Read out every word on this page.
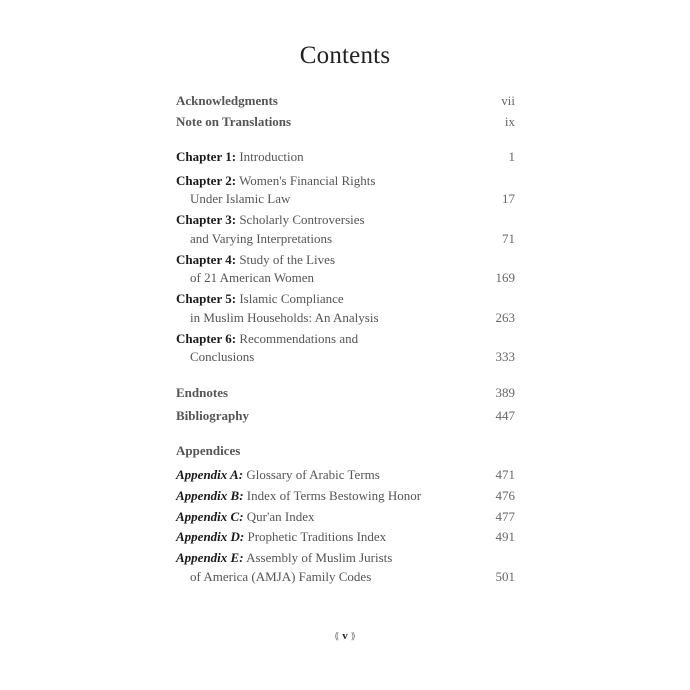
Contents
Acknowledgments	vii
Note on Translations	ix
Chapter 1: Introduction	1
Chapter 2: Women's Financial Rights
Under Islamic Law	17
Chapter 3: Scholarly Controversies
and Varying Interpretations	71
Chapter 4: Study of the Lives
of 21 American Women	169
Chapter 5: Islamic Compliance
in Muslim Households: An Analysis	263
Chapter 6: Recommendations and
Conclusions	333
Endnotes	389
Bibliography	447
Appendices
Appendix A: Glossary of Arabic Terms	471
Appendix B: Index of Terms Bestowing Honor	476
Appendix C: Qur'an Index	477
Appendix D: Prophetic Traditions Index	491
Appendix E: Assembly of Muslim Jurists
of America (AMJA) Family Codes	501
⟪ v ⟫
